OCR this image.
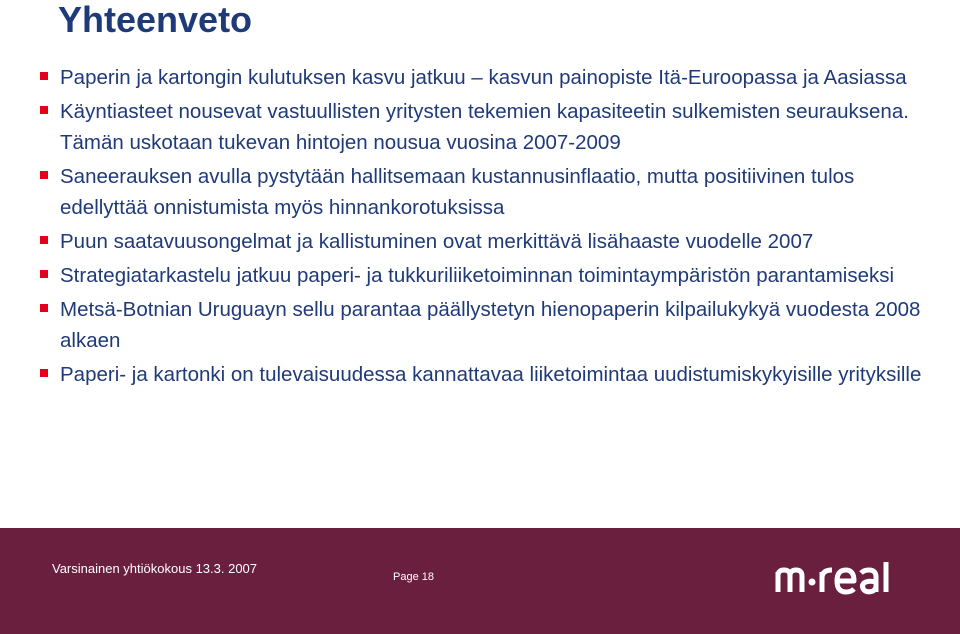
Yhteenveto
Paperin ja kartongin kulutuksen kasvu jatkuu – kasvun painopiste Itä-Euroopassa ja Aasiassa
Käyntiasteet nousevat vastuullisten yritysten tekemien kapasiteetin sulkemisten seurauksena. Tämän uskotaan tukevan hintojen nousua vuosina 2007-2009
Saneerauksen avulla pystytään hallitsemaan kustannusinflaatio, mutta positiivinen tulos edellyttää onnistumista myös hinnankorotuksissa
Puun saatavuusongelmat ja kallistuminen ovat merkittävä lisähaaste vuodelle 2007
Strategiatarkastelu jatkuu paperi- ja tukkuriliiketoiminnan toimintaympäristön parantamiseksi
Metsä-Botnian Uruguayn sellu parantaa päällystetyn hienopaperin kilpailukykyä vuodesta 2008 alkaen
Paperi- ja kartonki on tulevaisuudessa kannattavaa liiketoimintaa uudistumiskykyisille yrityksille
Varsinainen yhtiökokous 13.3. 2007
Page 18
